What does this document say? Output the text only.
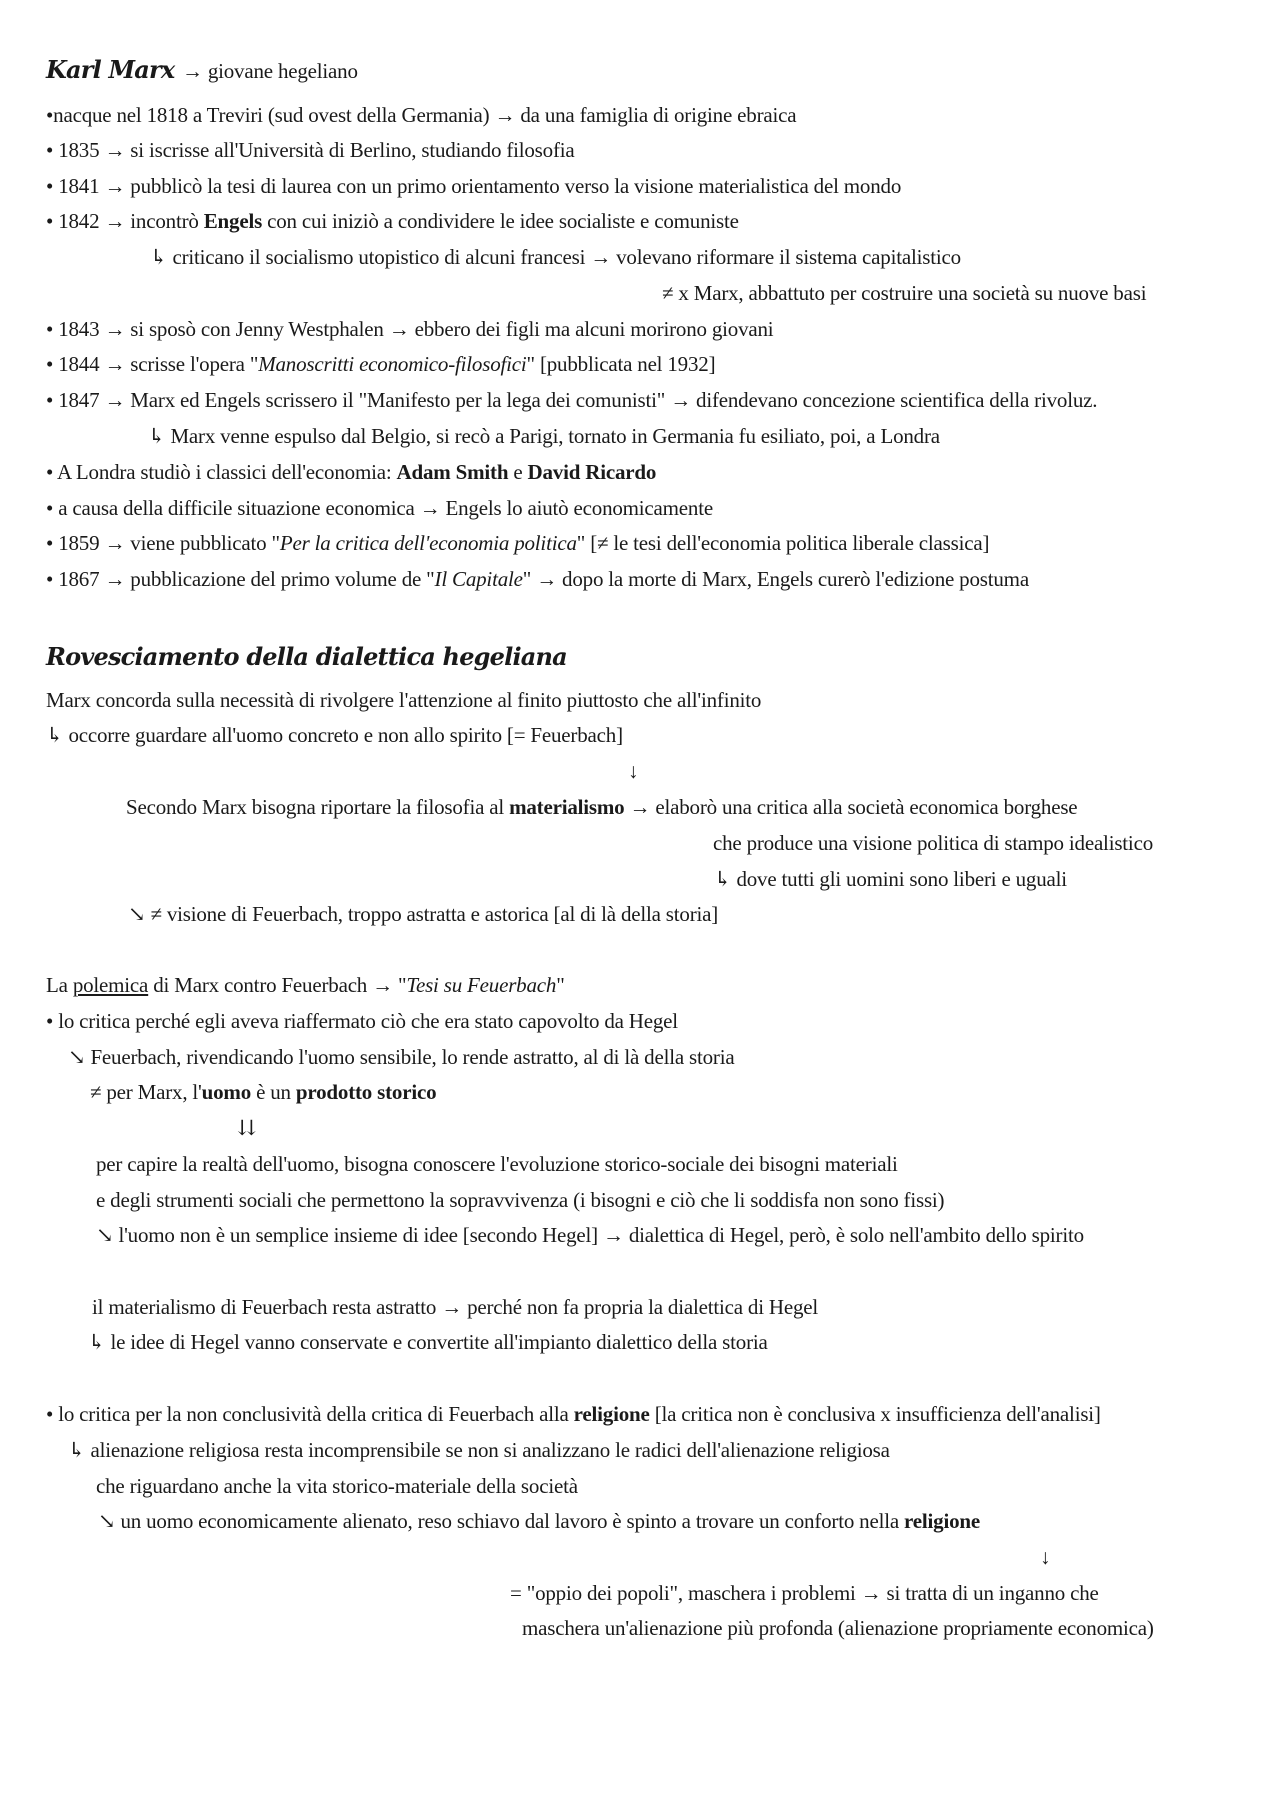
Karl Marx → giovane hegeliano
•nacque nel 1818 a Treviri (sud ovest della Germania) → da una famiglia di origine ebraica
• 1835 → si iscrisse all'Università di Berlino, studiando filosofia
• 1841 → pubblicò la tesi di laurea con un primo orientamento verso la visione materialistica del mondo
• 1842 → incontrò Engels con cui iniziò a condividere le idee socialiste e comuniste
↳ criticano il socialismo utopistico di alcuni francesi → volevano riformare il sistema capitalistico
≠ x Marx, abbattuto per costruire una società su nuove basi
• 1843 → si sposò con Jenny Westphalen → ebbero dei figli ma alcuni morirono giovani
• 1844 → scrisse l'opera "Manoscritti economico-filosofici" [pubblicata nel 1932]
• 1847 → Marx ed Engels scrissero il "Manifesto per la lega dei comunisti" → difendevano concezione scientifica della rivoluz.
↳ Marx venne espulso dal Belgio, si recò a Parigi, tornato in Germania fu esiliato, poi, a Londra
• A Londra studiò i classici dell'economia: Adam Smith e David Ricardo
• a causa della difficile situazione economica → Engels lo aiutò economicamente
• 1859 → viene pubblicato "Per la critica dell'economia politica" [≠ le tesi dell'economia politica liberale classica]
• 1867 → pubblicazione del primo volume de "Il Capitale" → dopo la morte di Marx, Engels curerò l'edizione postuma
Rovesciamento della dialettica hegeliana
Marx concorda sulla necessità di rivolgere l'attenzione al finito piuttosto che all'infinito
↳ occorre guardare all'uomo concreto e non allo spirito [= Feuerbach]
↓
Secondo Marx bisogna riportare la filosofia al materialismo → elaborò una critica alla società economica borghese
che produce una visione politica di stampo idealistico
↳ dove tutti gli uomini sono liberi e uguali
↘ ≠ visione di Feuerbach, troppo astratta e astorica [al di là della storia]
La polemica di Marx contro Feuerbach → "Tesi su Feuerbach"
• lo critica perché egli aveva riaffermato ciò che era stato capovolto da Hegel
↘ Feuerbach, rivendicando l'uomo sensibile, lo rende astratto, al di là della storia
≠ per Marx, l'uomo è un prodotto storico
⇊
per capire la realtà dell'uomo, bisogna conoscere l'evoluzione storico-sociale dei bisogni materiali
e degli strumenti sociali che permettono la sopravvivenza (i bisogni e ciò che li soddisfa non sono fissi)
↘ l'uomo non è un semplice insieme di idee [secondo Hegel] → dialettica di Hegel, però, è solo nell'ambito dello spirito
il materialismo di Feuerbach resta astratto → perché non fa propria la dialettica di Hegel
↳ le idee di Hegel vanno conservate e convertite all'impianto dialettico della storia
• lo critica per la non conclusività della critica di Feuerbach alla religione [la critica non è conclusiva x insufficienza dell'analisi]
↳ alienazione religiosa resta incomprensibile se non si analizzano le radici dell'alienazione religiosa
che riguardano anche la vita storico-materiale della società
↘ un uomo economicamente alienato, reso schiavo dal lavoro è spinto a trovare un conforto nella religione
↓
= "oppio dei popoli", maschera i problemi → si tratta di un inganno che
maschera un'alienazione più profonda (alienazione propriamente economica)
